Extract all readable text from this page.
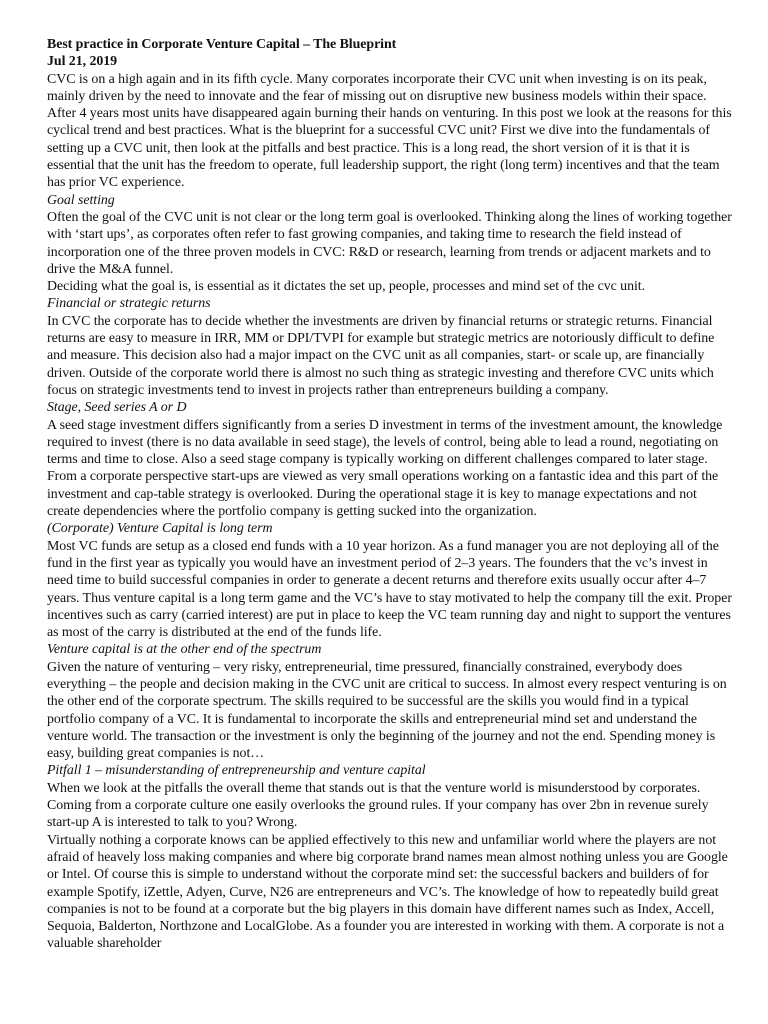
Best practice in Corporate Venture Capital – The Blueprint
Jul 21, 2019

CVC is on a high again and in its fifth cycle. Many corporates incorporate their CVC unit when investing is on its peak, mainly driven by the need to innovate and the fear of missing out on disruptive new business models within their space. After 4 years most units have disappeared again burning their hands on venturing. In this post we look at the reasons for this cyclical trend and best practices. What is the blueprint for a successful CVC unit? First we dive into the fundamentals of setting up a CVC unit, then look at the pitfalls and best practice. This is a long read, the short version of it is that it is essential that the unit has the freedom to operate, full leadership support, the right (long term) incentives and that the team has prior VC experience.

Goal setting

Often the goal of the CVC unit is not clear or the long term goal is overlooked. Thinking along the lines of working together with ‘start ups’, as corporates often refer to fast growing companies, and taking time to research the field instead of incorporation one of the three proven models in CVC: R&D or research, learning from trends or adjacent markets and to drive the M&A funnel.

Deciding what the goal is, is essential as it dictates the set up, people, processes and mind set of the cvc unit.

Financial or strategic returns

In CVC the corporate has to decide whether the investments are driven by financial returns or strategic returns. Financial returns are easy to measure in IRR, MM or DPI/TVPI for example but strategic metrics are notoriously difficult to define and measure. This decision also had a major impact on the CVC unit as all companies, start- or scale up, are financially driven. Outside of the corporate world there is almost no such thing as strategic investing and therefore CVC units which focus on strategic investments tend to invest in projects rather than entrepreneurs building a company.

Stage, Seed series A or D

A seed stage investment differs significantly from a series D investment in terms of the investment amount, the knowledge required to invest (there is no data available in seed stage), the levels of control, being able to lead a round, negotiating on terms and time to close. Also a seed stage company is typically working on different challenges compared to later stage. From a corporate perspective start-ups are viewed as very small operations working on a fantastic idea and this part of the investment and cap-table strategy is overlooked. During the operational stage it is key to manage expectations and not create dependencies where the portfolio company is getting sucked into the organization.

(Corporate) Venture Capital is long term

Most VC funds are setup as a closed end funds with a 10 year horizon. As a fund manager you are not deploying all of the fund in the first year as typically you would have an investment period of 2–3 years. The founders that the vc’s invest in need time to build successful companies in order to generate a decent returns and therefore exits usually occur after 4–7 years. Thus venture capital is a long term game and the VC’s have to stay motivated to help the company till the exit. Proper incentives such as carry (carried interest) are put in place to keep the VC team running day and night to support the ventures as most of the carry is distributed at the end of the funds life.

Venture capital is at the other end of the spectrum

Given the nature of venturing – very risky, entrepreneurial, time pressured, financially constrained, everybody does everything – the people and decision making in the CVC unit are critical to success. In almost every respect venturing is on the other end of the corporate spectrum. The skills required to be successful are the skills you would find in a typical portfolio company of a VC. It is fundamental to incorporate the skills and entrepreneurial mind set and understand the venture world. The transaction or the investment is only the beginning of the journey and not the end. Spending money is easy, building great companies is not…

Pitfall 1 – misunderstanding of entrepreneurship and venture capital

When we look at the pitfalls the overall theme that stands out is that the venture world is misunderstood by corporates. Coming from a corporate culture one easily overlooks the ground rules. If your company has over 2bn in revenue surely start-up A is interested to talk to you? Wrong.

Virtually nothing a corporate knows can be applied effectively to this new and unfamiliar world where the players are not afraid of heavely loss making companies and where big corporate brand names mean almost nothing unless you are Google or Intel. Of course this is simple to understand without the corporate mind set: the successful backers and builders of for example Spotify, iZettle, Adyen, Curve, N26 are entrepreneurs and VC’s. The knowledge of how to repeatedly build great companies is not to be found at a corporate but the big players in this domain have different names such as Index, Accell, Sequoia, Balderton, Northzone and LocalGlobe. As a founder you are interested in working with them. A corporate is not a valuable shareholder
